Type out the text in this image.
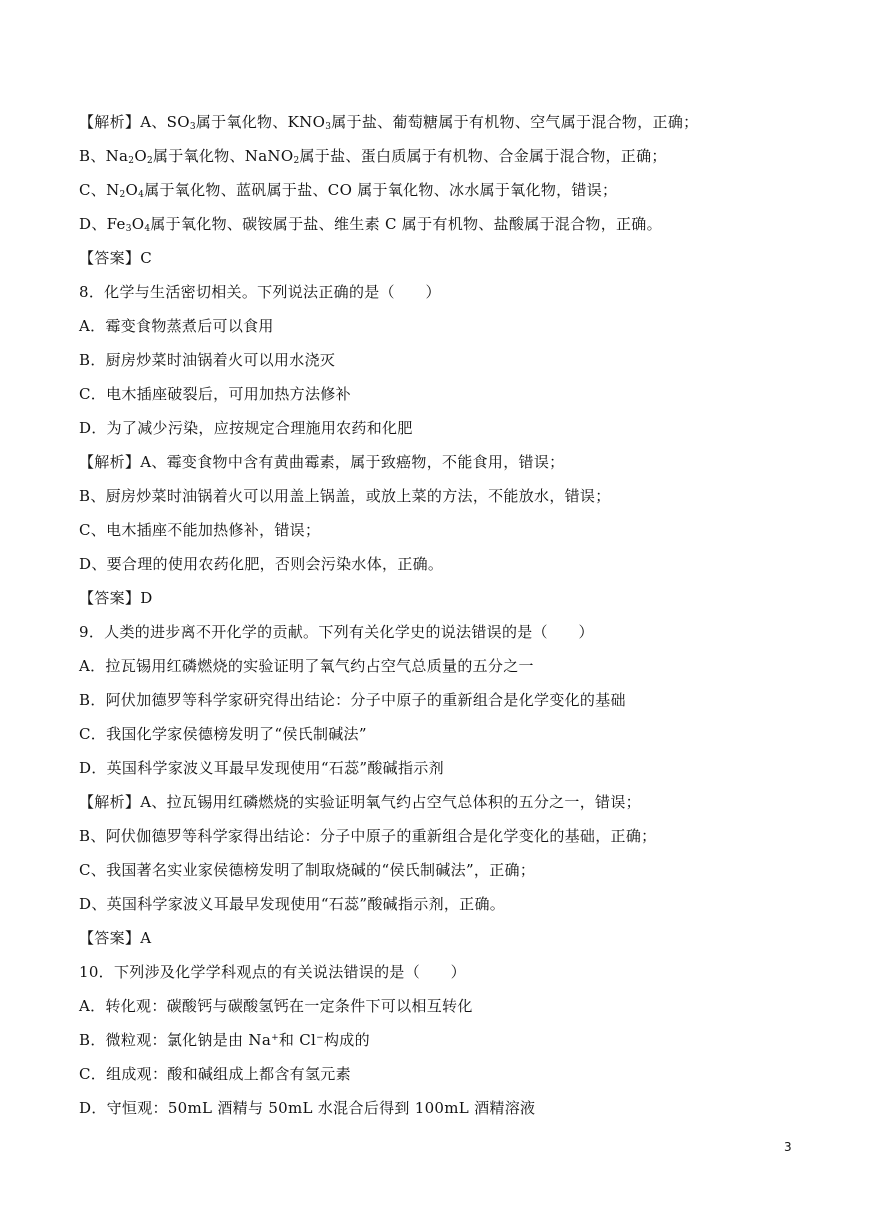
【解析】A、$SO_3$属于氧化物、$KNO_3$属于盐、葡萄糖属于有机物、空气属于混合物，正确；
B、$Na_2O_2$属于氧化物、NaNO$_2$属于盐、蛋白质属于有机物、合金属于混合物，正确；
C、$N_2O_4$属于氧化物、蓝矾属于盐、CO 属于氧化物、冰水属于氧化物，错误；
D、$Fe_3O_4$属于氧化物、碳铵属于盐、维生素 C 属于有机物、盐酸属于混合物，正确。
【答案】C
8．化学与生活密切相关。下列说法正确的是（　　）
A．霉变食物蒸煮后可以食用
B．厨房炒菜时油锅着火可以用水浇灭
C．电木插座破裂后，可用加热方法修补
D．为了减少污染，应按规定合理施用农药和化肥
【解析】A、霉变食物中含有黄曲霉素，属于致癌物，不能食用，错误；
B、厨房炒菜时油锅着火可以用盖上锅盖，或放上菜的方法，不能放水，错误；
C、电木插座不能加热修补，错误；
D、要合理的使用农药化肥，否则会污染水体，正确。
【答案】D
9．人类的进步离不开化学的贡献。下列有关化学史的说法错误的是（　　）
A．拉瓦锡用红磷燃烧的实验证明了氧气约占空气总质量的五分之一
B．阿伏加德罗等科学家研究得出结论：分子中原子的重新组合是化学变化的基础
C．我国化学家侯德榜发明了“侯氏制碱法”
D．英国科学家波义耳最早发现使用“石蕊”酸碱指示剂
【解析】A、拉瓦锡用红磷燃烧的实验证明氧气约占空气总体积的五分之一，错误；
B、阿伏伽德罗等科学家得出结论：分子中原子的重新组合是化学变化的基础，正确；
C、我国著名实业家侯德榜发明了制取烧碱的“侯氏制碱法”，正确；
D、英国科学家波义耳最早发现使用“石蕊”酸碱指示剂，正确。
【答案】A
10．下列涉及化学学科观点的有关说法错误的是（　　）
A．转化观：碳酸钙与碳酸氢钙在一定条件下可以相互转化
B．微粒观：氯化钠是由 Na+和 Cl−构成的
C．组成观：酸和碱组成上都含有氢元素
D．守恒观：50mL 酒精与 50mL 水混合后得到 100mL 酒精溶液
3
